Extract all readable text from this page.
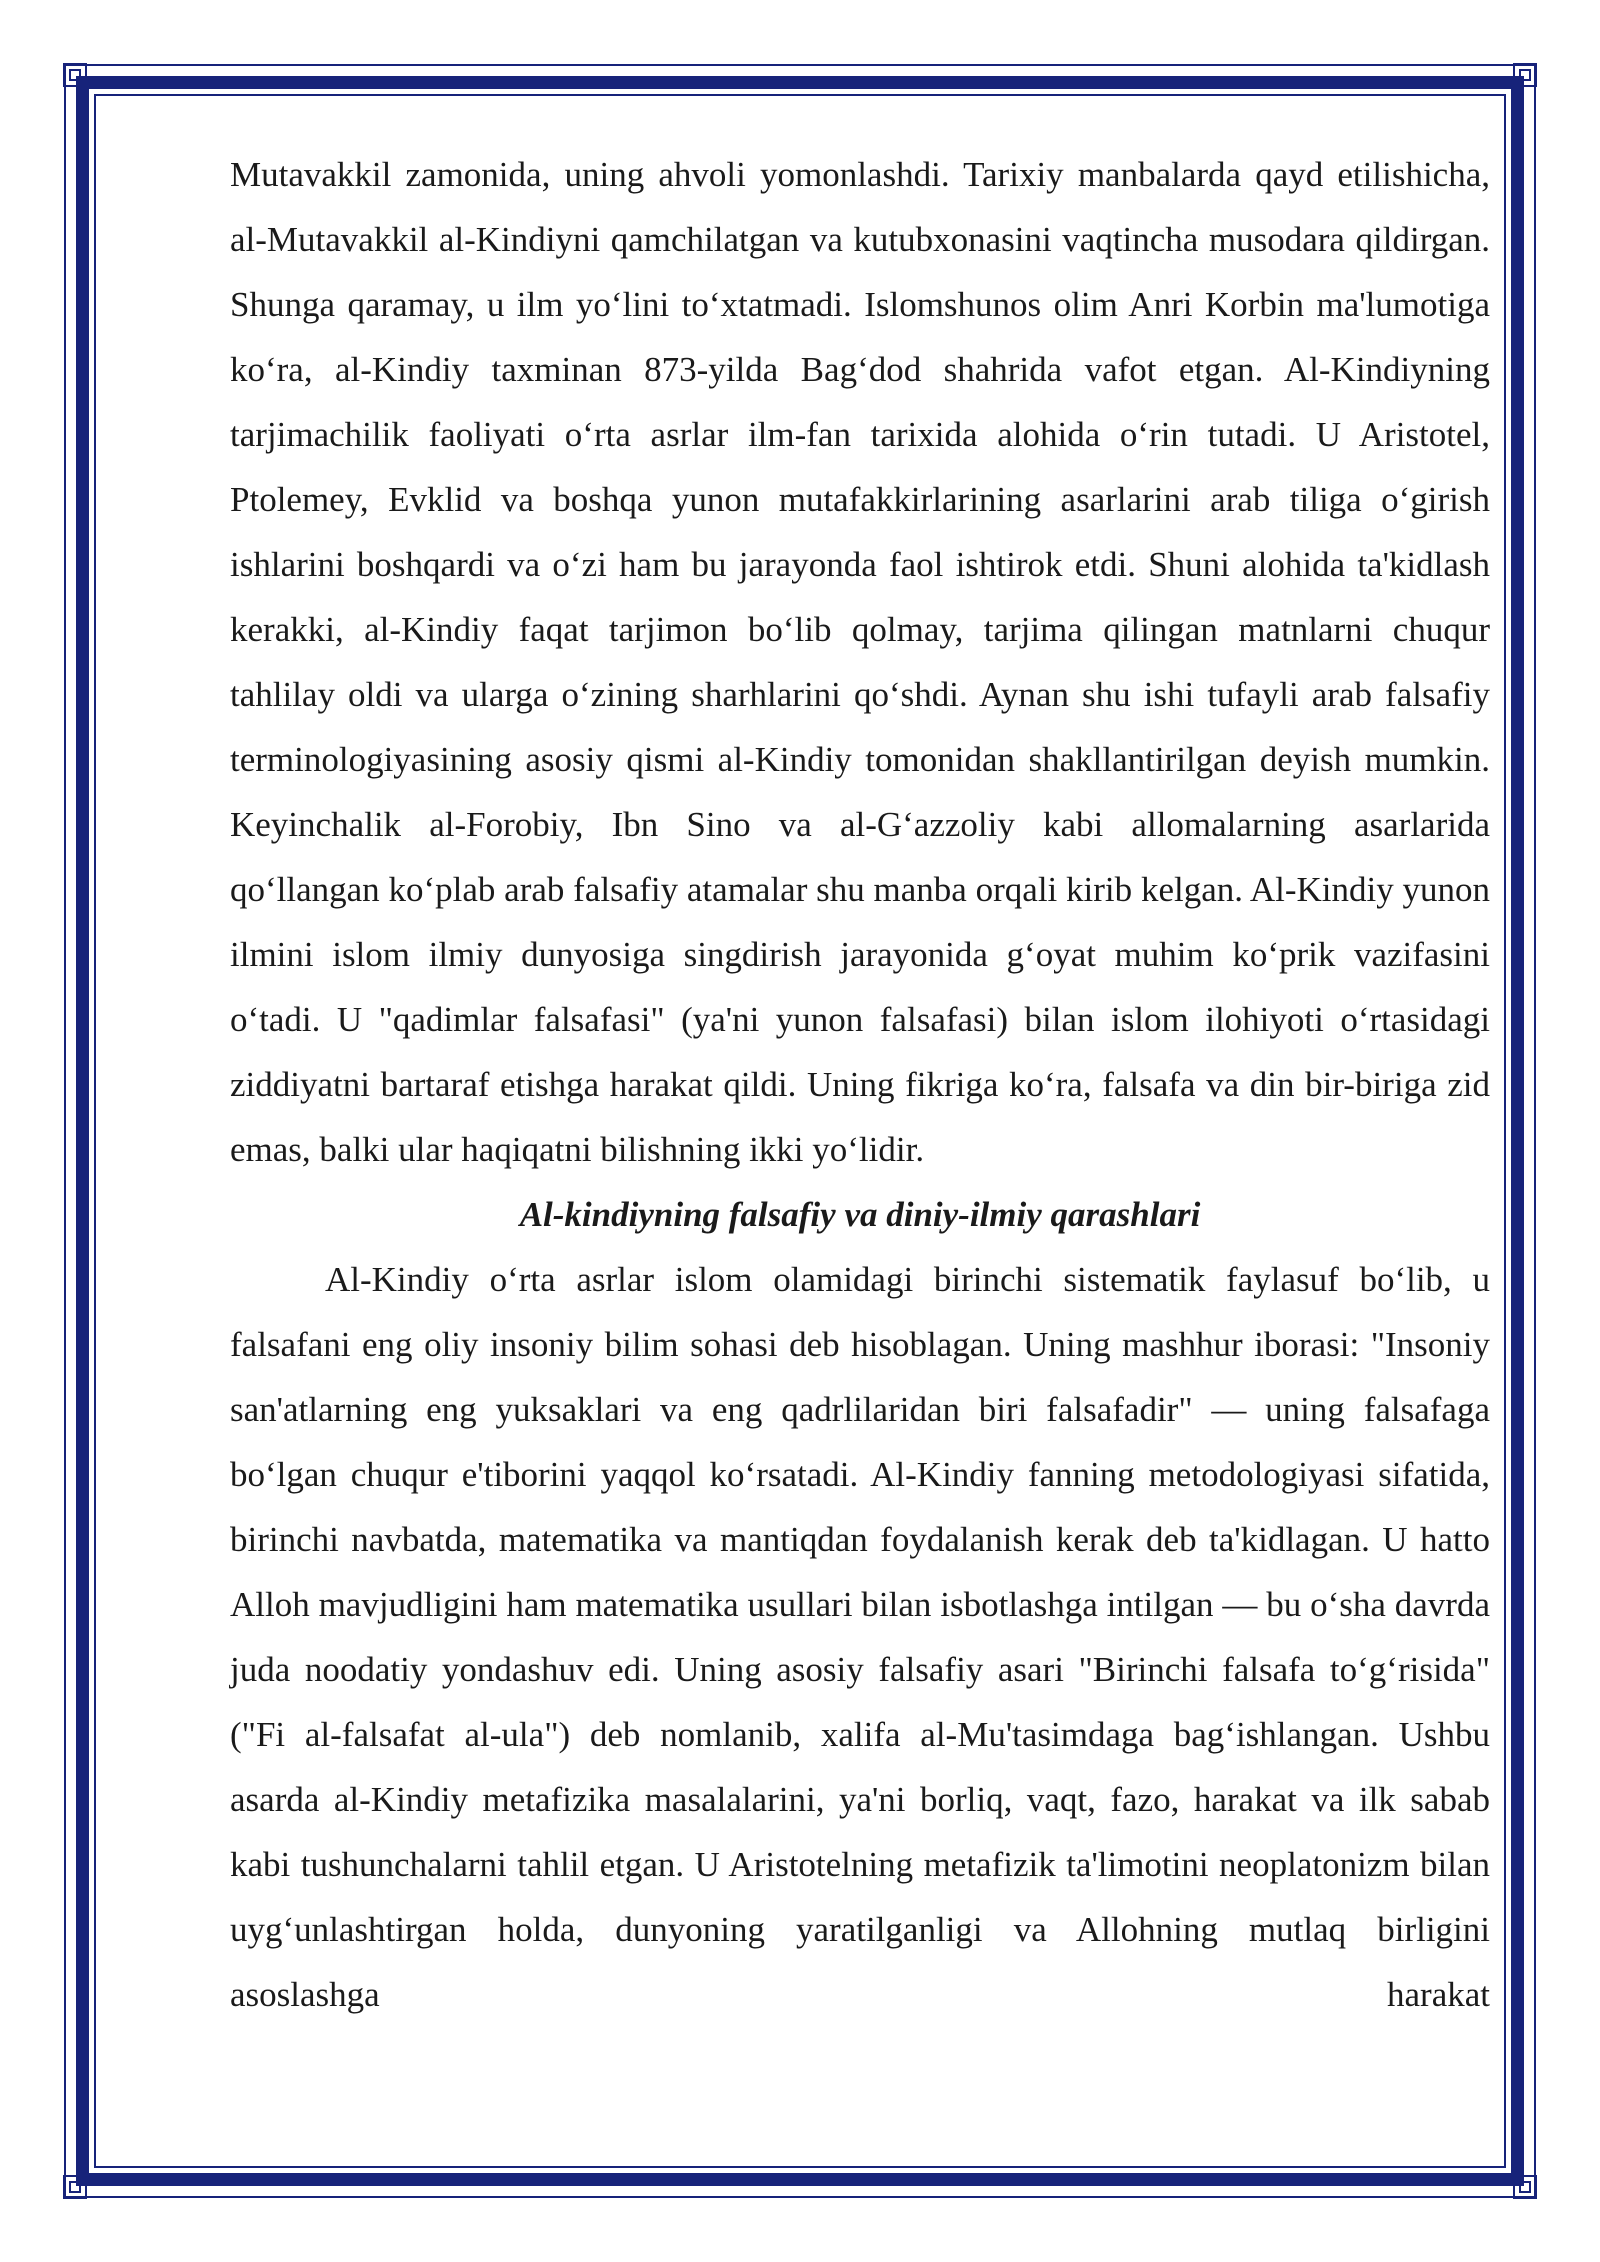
Mutavakkil zamonida, uning ahvoli yomonlashdi. Tarixiy manbalarda qayd etilishicha, al-Mutavakkil al-Kindiyni qamchilatgan va kutubxonasini vaqtincha musodara qildirgan. Shunga qaramay, u ilm yo‘lini to‘xtatmadi. Islomshunos olim Anri Korbin ma'lumotiga ko‘ra, al-Kindiy taxminan 873-yilda Bag‘dod shahrida vafot etgan. Al-Kindiyning tarjimachilik faoliyati o‘rta asrlar ilm-fan tarixida alohida o‘rin tutadi. U Aristotel, Ptolemey, Evklid va boshqa yunon mutafakkirlarining asarlarini arab tiliga o‘girish ishlarini boshqardi va o‘zi ham bu jarayonda faol ishtirok etdi. Shuni alohida ta'kidlash kerakki, al-Kindiy faqat tarjimon bo‘lib qolmay, tarjima qilingan matnlarni chuqur tahlilay oldi va ularga o‘zining sharhlarini qo‘shdi. Aynan shu ishi tufayli arab falsafiy terminologiyasining asosiy qismi al-Kindiy tomonidan shakllantirilgan deyish mumkin. Keyinchalik al-Forobiy, Ibn Sino va al-G‘azzoliy kabi allomalarning asarlarida qo‘llangan ko‘plab arab falsafiy atamalar shu manba orqali kirib kelgan. Al-Kindiy yunon ilmini islom ilmiy dunyosiga singdirish jarayonida g‘oyat muhim ko‘prik vazifasini o‘tadi. U "qadimlar falsafasi" (ya'ni yunon falsafasi) bilan islom ilohiyoti o‘rtasidagi ziddiyatni bartaraf etishga harakat qildi. Uning fikriga ko‘ra, falsafa va din bir-biriga zid emas, balki ular haqiqatni bilishning ikki yo‘lidir.

Al-kindiyning falsafiy va diniy-ilmiy qarashlari

Al-Kindiy o‘rta asrlar islom olamidagi birinchi sistematik faylasuf bo‘lib, u falsafani eng oliy insoniy bilim sohasi deb hisoblagan. Uning mashhur iborasi: "Insoniy san'atlarning eng yuksaklari va eng qadrlilaridan biri falsafadir" — uning falsafaga bo‘lgan chuqur e'tiborini yaqqol ko‘rsatadi. Al-Kindiy fanning metodologiyasi sifatida, birinchi navbatda, matematika va mantiqdan foydalanish kerak deb ta'kidlagan. U hatto Alloh mavjudligini ham matematika usullari bilan isbotlashga intilgan — bu o‘sha davrda juda noodatiy yondashuv edi. Uning asosiy falsafiy asari "Birinchi falsafa to‘g‘risida" ("Fi al-falsafat al-ula") deb nomlanib, xalifa al-Mu'tasimdaga bag‘ishlangan. Ushbu asarda al-Kindiy metafizika masalalarini, ya'ni borliq, vaqt, fazo, harakat va ilk sabab kabi tushunchalarni tahlil etgan. U Aristotelning metafizik ta'limotini neoplatonizm bilan uyg‘unlashtirgan holda, dunyoning yaratilganligi va Allohning mutlaq birligini asoslashga harakat
